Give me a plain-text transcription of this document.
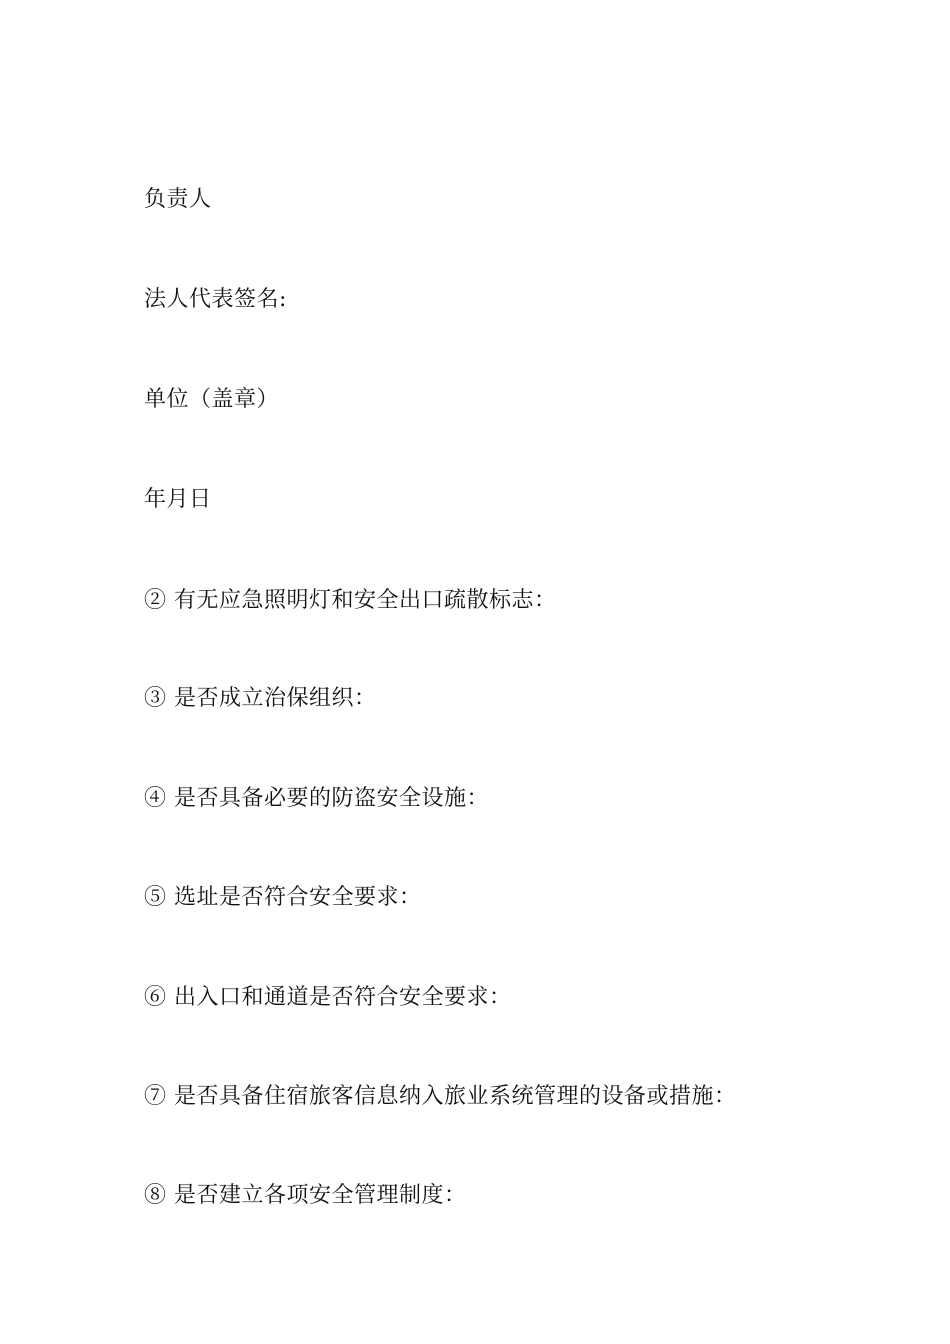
负责人
法人代表签名:
单位（盖章）
年月日
② 有无应急照明灯和安全出口疏散标志：
③ 是否成立治保组织：
④ 是否具备必要的防盗安全设施：
⑤ 选址是否符合安全要求：
⑥ 出入口和通道是否符合安全要求：
⑦ 是否具备住宿旅客信息纳入旅业系统管理的设备或措施：
⑧ 是否建立各项安全管理制度：
